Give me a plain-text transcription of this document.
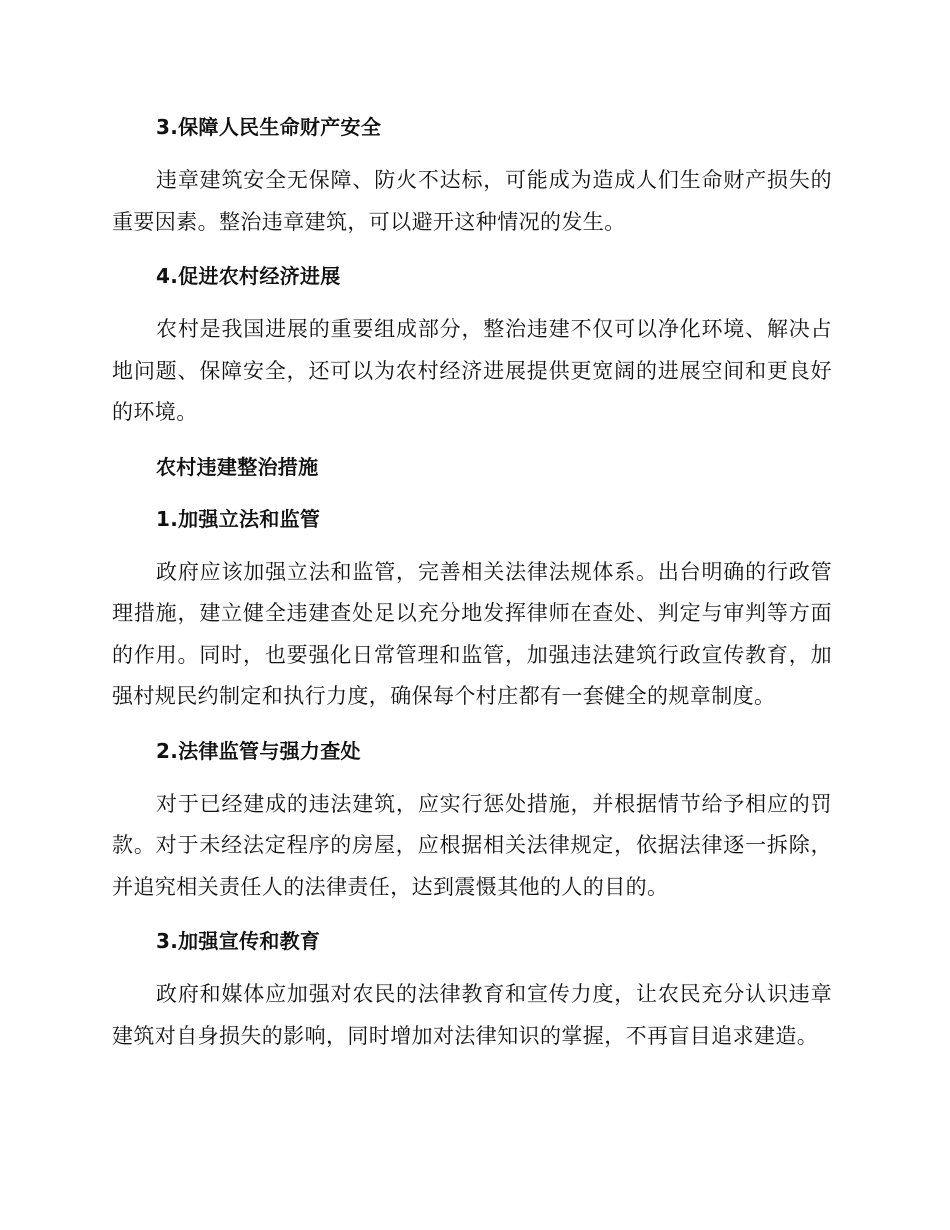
3.保障人民生命财产安全
违章建筑安全无保障、防火不达标，可能成为造成人们生命财产损失的重要因素。整治违章建筑，可以避开这种情况的发生。
4.促进农村经济进展
农村是我国进展的重要组成部分，整治违建不仅可以净化环境、解决占地问题、保障安全，还可以为农村经济进展提供更宽阔的进展空间和更良好的环境。
农村违建整治措施
1.加强立法和监管
政府应该加强立法和监管，完善相关法律法规体系。出台明确的行政管理措施，建立健全违建查处足以充分地发挥律师在查处、判定与审判等方面的作用。同时，也要强化日常管理和监管，加强违法建筑行政宣传教育，加强村规民约制定和执行力度，确保每个村庄都有一套健全的规章制度。
2.法律监管与强力查处
对于已经建成的违法建筑，应实行惩处措施，并根据情节给予相应的罚款。对于未经法定程序的房屋，应根据相关法律规定，依据法律逐一拆除，并追究相关责任人的法律责任，达到震慑其他的人的目的。
3.加强宣传和教育
政府和媒体应加强对农民的法律教育和宣传力度，让农民充分认识违章建筑对自身损失的影响，同时增加对法律知识的掌握，不再盲目追求建造。
